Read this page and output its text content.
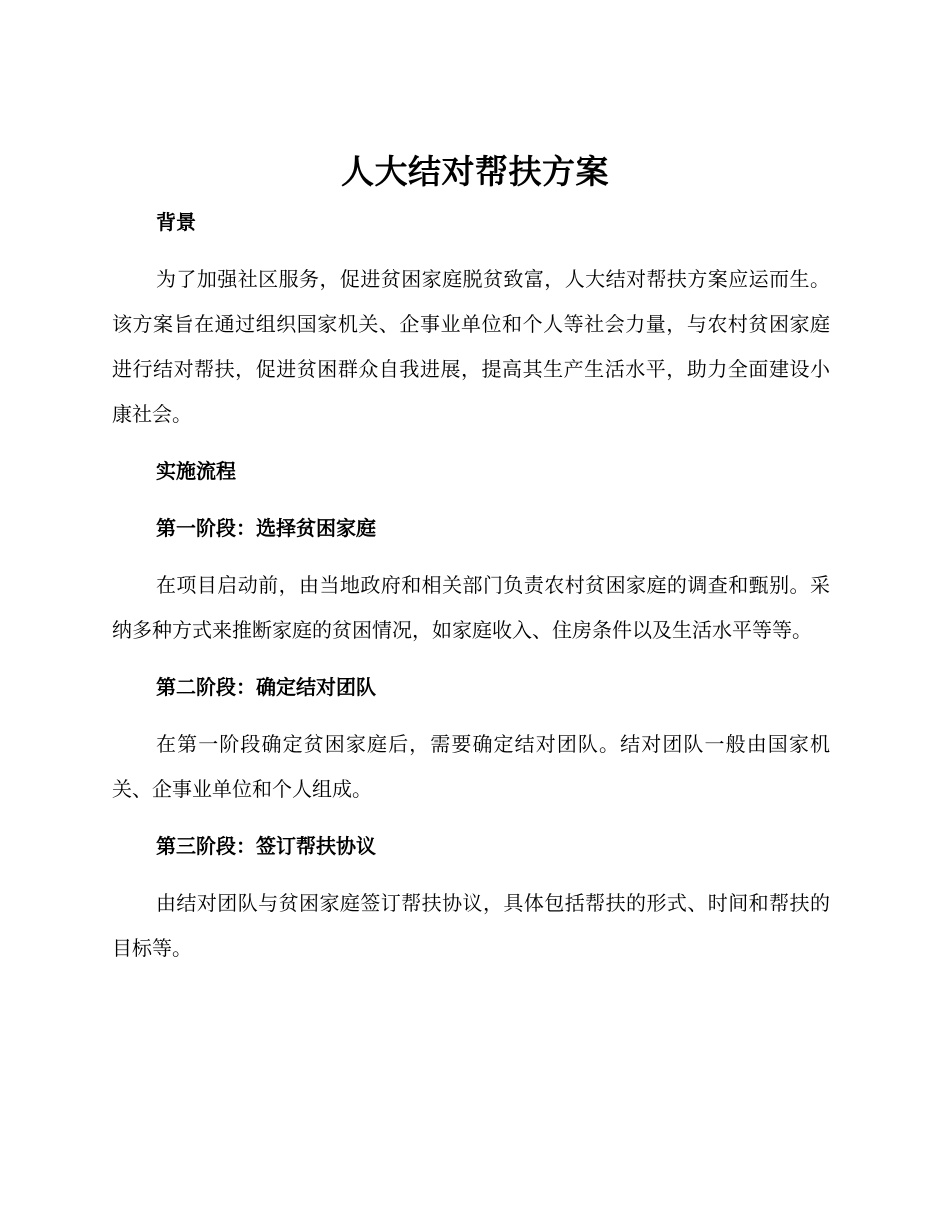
人大结对帮扶方案

背景

为了加强社区服务，促进贫困家庭脱贫致富，人大结对帮扶方案应运而生。该方案旨在通过组织国家机关、企事业单位和个人等社会力量，与农村贫困家庭进行结对帮扶，促进贫困群众自我进展，提高其生产生活水平，助力全面建设小康社会。

实施流程

第一阶段：选择贫困家庭

在项目启动前，由当地政府和相关部门负责农村贫困家庭的调查和甄别。采纳多种方式来推断家庭的贫困情况，如家庭收入、住房条件以及生活水平等等。

第二阶段：确定结对团队

在第一阶段确定贫困家庭后，需要确定结对团队。结对团队一般由国家机关、企事业单位和个人组成。

第三阶段：签订帮扶协议

由结对团队与贫困家庭签订帮扶协议，具体包括帮扶的形式、时间和帮扶的目标等。
